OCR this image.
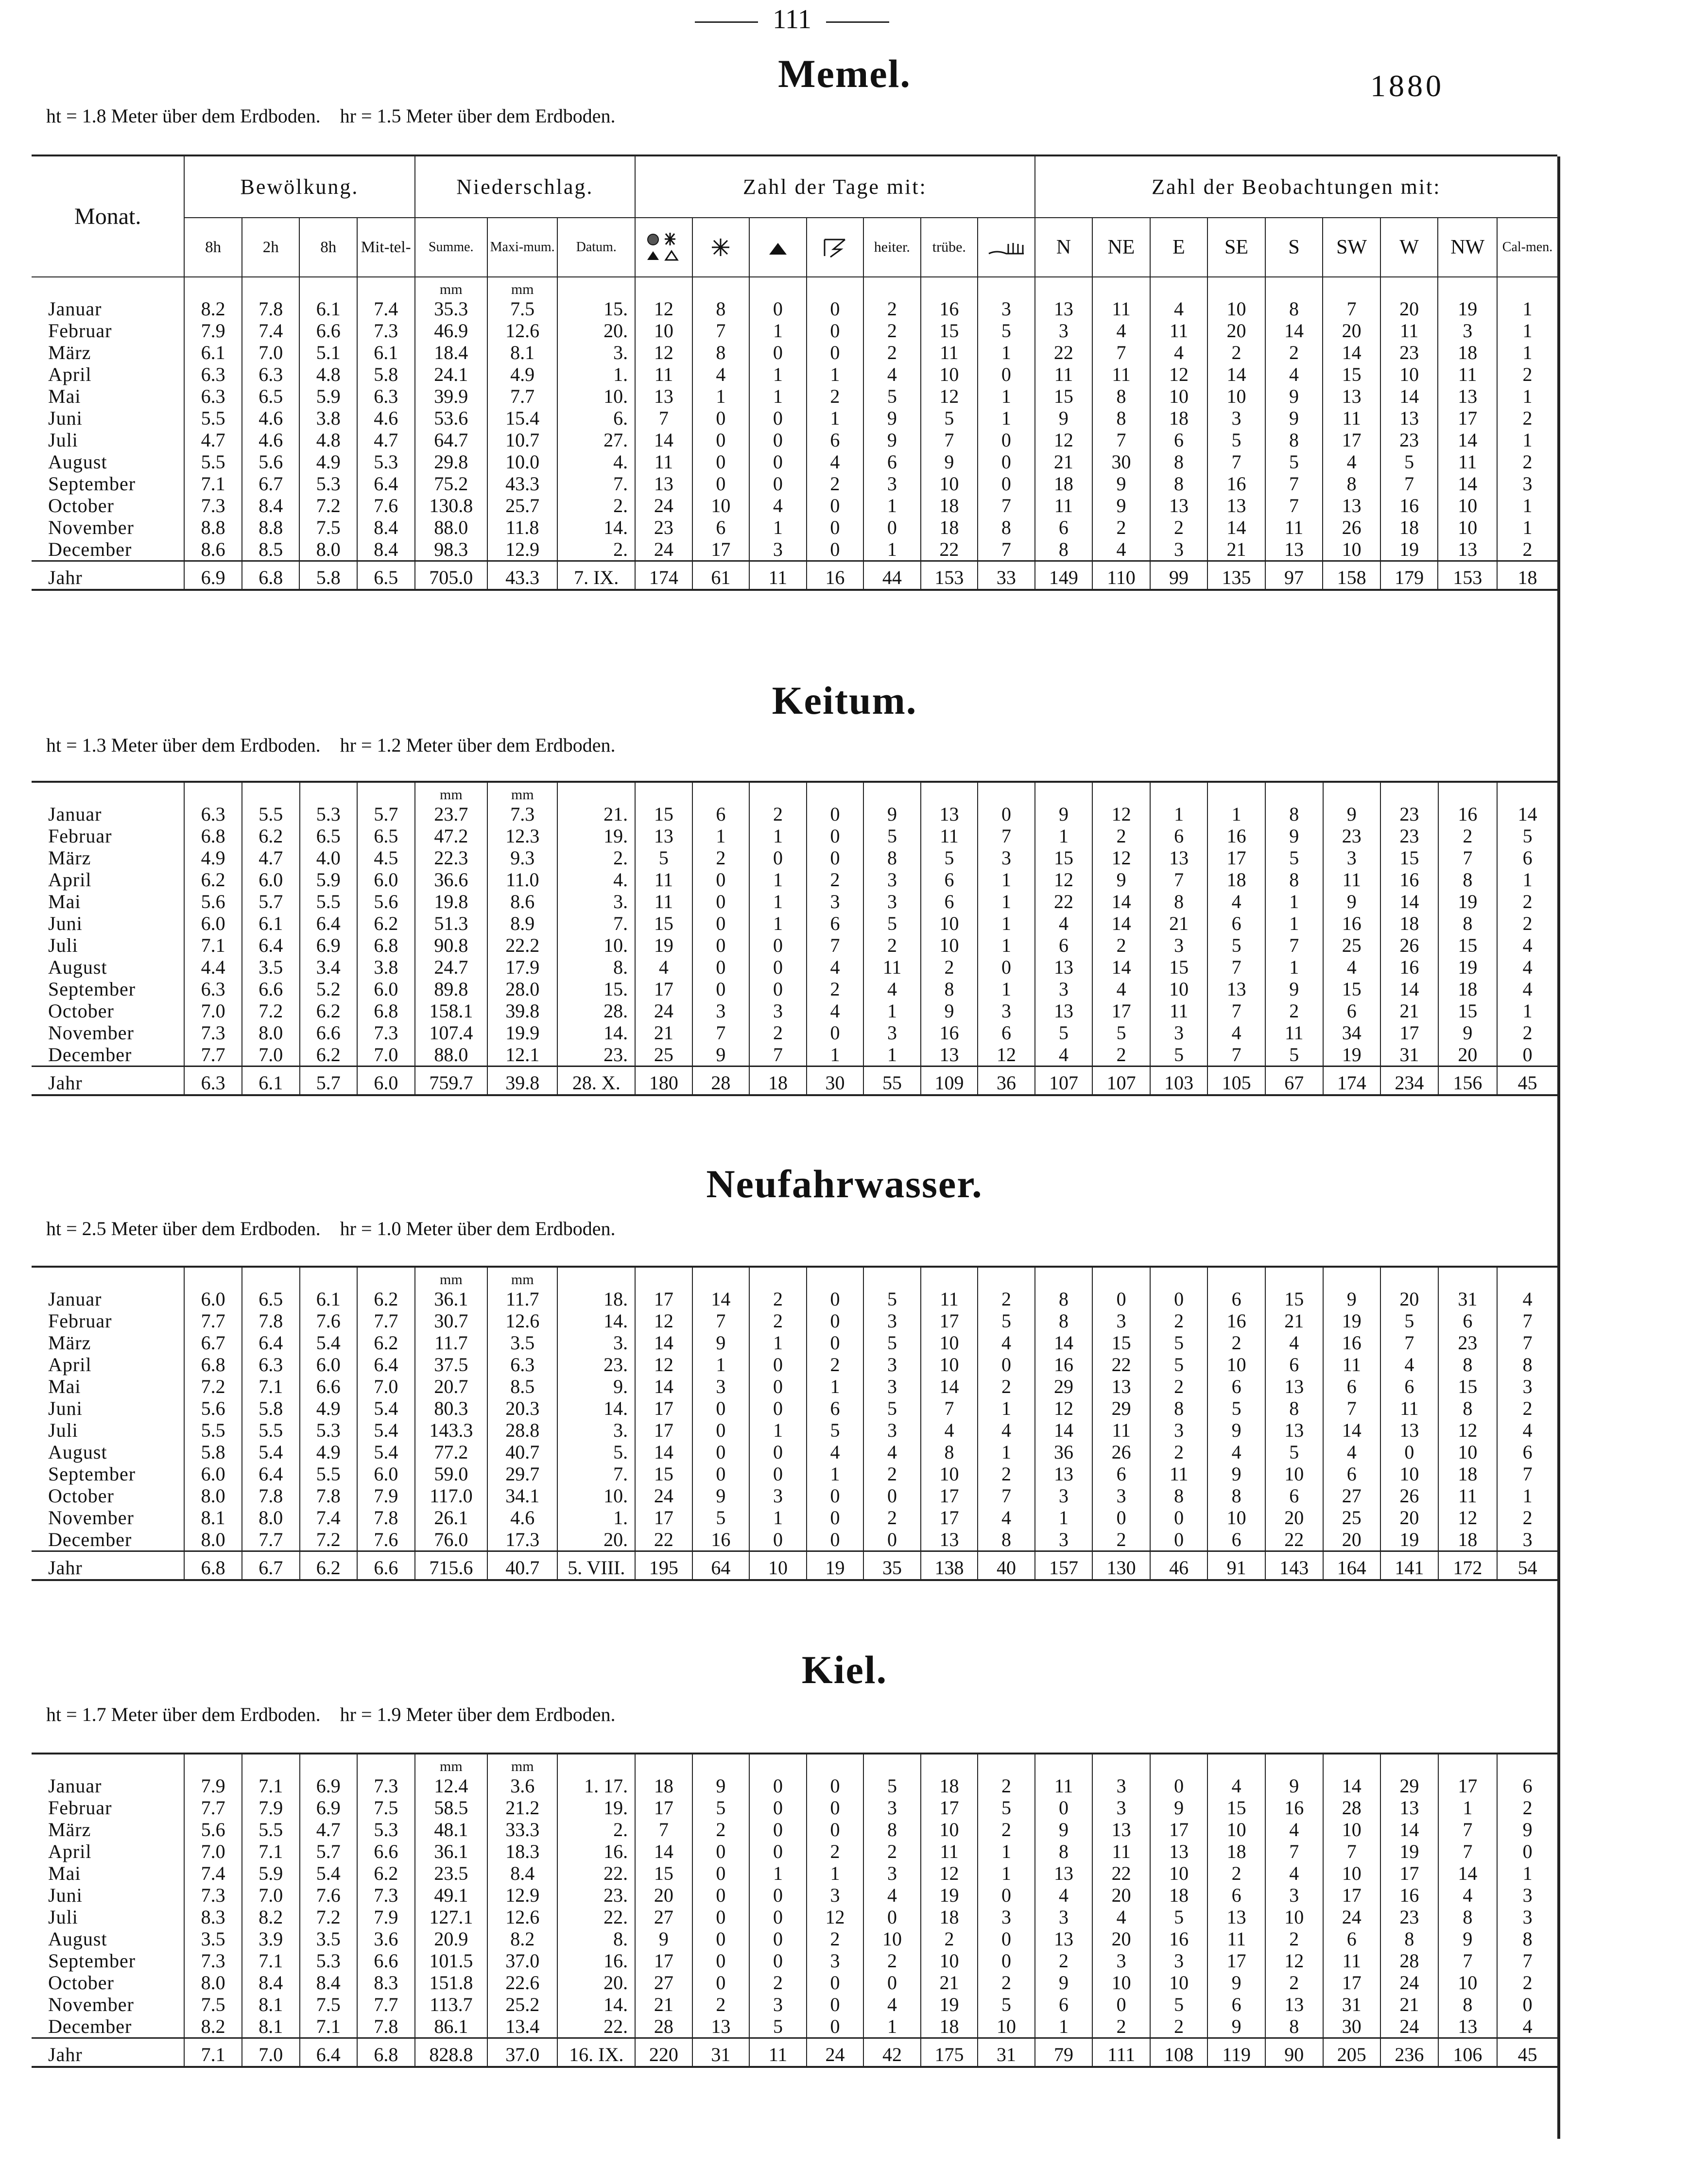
111
1880
Memel.
ht = 1.8 Meter über dem Erdboden. hr = 1.5 Meter über dem Erdboden.
Monat.	Bewölkung.				Niederschlag.			Zahl der Tage mit:							Zahl der Beobachtungen mit:								
	8h	2h	8h	Mit-tel-	Summe.	Maxi-mum.	Datum.					heiter.	trübe.		N	NE	E	SE	S	SW	W	NW	Cal-men.
					mm	mm																	
Januar	8.2	7.8	6.1	7.4	35.3	7.5	15.	12	8	0	0	2	16	3	13	11	4	10	8	7	20	19	1
Februar	7.9	7.4	6.6	7.3	46.9	12.6	20.	10	7	1	0	2	15	5	3	4	11	20	14	20	11	3	1
März	6.1	7.0	5.1	6.1	18.4	8.1	3.	12	8	0	0	2	11	1	22	7	4	2	2	14	23	18	1
April	6.3	6.3	4.8	5.8	24.1	4.9	1.	11	4	1	1	4	10	0	11	11	12	14	4	15	10	11	2
Mai	6.3	6.5	5.9	6.3	39.9	7.7	10.	13	1	1	2	5	12	1	15	8	10	10	9	13	14	13	1
Juni	5.5	4.6	3.8	4.6	53.6	15.4	6.	7	0	0	1	9	5	1	9	8	18	3	9	11	13	17	2
Juli	4.7	4.6	4.8	4.7	64.7	10.7	27.	14	0	0	6	9	7	0	12	7	6	5	8	17	23	14	1
August	5.5	5.6	4.9	5.3	29.8	10.0	4.	11	0	0	4	6	9	0	21	30	8	7	5	4	5	11	2
September	7.1	6.7	5.3	6.4	75.2	43.3	7.	13	0	0	2	3	10	0	18	9	8	16	7	8	7	14	3
October	7.3	8.4	7.2	7.6	130.8	25.7	2.	24	10	4	0	1	18	7	11	9	13	13	7	13	16	10	1
November	8.8	8.8	7.5	8.4	88.0	11.8	14.	23	6	1	0	0	18	8	6	2	2	14	11	26	18	10	1
December	8.6	8.5	8.0	8.4	98.3	12.9	2.	24	17	3	0	1	22	7	8	4	3	21	13	10	19	13	2
Jahr	6.9	6.8	5.8	6.5	705.0	43.3	7. IX.	174	61	11	16	44	153	33	149	110	99	135	97	158	179	153	18
Keitum.
ht = 1.3 Meter über dem Erdboden. hr = 1.2 Meter über dem Erdboden.
					mm	mm																	
Januar	6.3	5.5	5.3	5.7	23.7	7.3	21.	15	6	2	0	9	13	0	9	12	1	1	8	9	23	16	14
Februar	6.8	6.2	6.5	6.5	47.2	12.3	19.	13	1	1	0	5	11	7	1	2	6	16	9	23	23	2	5
März	4.9	4.7	4.0	4.5	22.3	9.3	2.	5	2	0	0	8	5	3	15	12	13	17	5	3	15	7	6
April	6.2	6.0	5.9	6.0	36.6	11.0	4.	11	0	1	2	3	6	1	12	9	7	18	8	11	16	8	1
Mai	5.6	5.7	5.5	5.6	19.8	8.6	3.	11	0	1	3	3	6	1	22	14	8	4	1	9	14	19	2
Juni	6.0	6.1	6.4	6.2	51.3	8.9	7.	15	0	1	6	5	10	1	4	14	21	6	1	16	18	8	2
Juli	7.1	6.4	6.9	6.8	90.8	22.2	10.	19	0	0	7	2	10	1	6	2	3	5	7	25	26	15	4
August	4.4	3.5	3.4	3.8	24.7	17.9	8.	4	0	0	4	11	2	0	13	14	15	7	1	4	16	19	4
September	6.3	6.6	5.2	6.0	89.8	28.0	15.	17	0	0	2	4	8	1	3	4	10	13	9	15	14	18	4
October	7.0	7.2	6.2	6.8	158.1	39.8	28.	24	3	3	4	1	9	3	13	17	11	7	2	6	21	15	1
November	7.3	8.0	6.6	7.3	107.4	19.9	14.	21	7	2	0	3	16	6	5	5	3	4	11	34	17	9	2
December	7.7	7.0	6.2	7.0	88.0	12.1	23.	25	9	7	1	1	13	12	4	2	5	7	5	19	31	20	0
Jahr	6.3	6.1	5.7	6.0	759.7	39.8	28. X.	180	28	18	30	55	109	36	107	107	103	105	67	174	234	156	45
Neufahrwasser.
ht = 2.5 Meter über dem Erdboden. hr = 1.0 Meter über dem Erdboden.
					mm	mm																	
Januar	6.0	6.5	6.1	6.2	36.1	11.7	18.	17	14	2	0	5	11	2	8	0	0	6	15	9	20	31	4
Februar	7.7	7.8	7.6	7.7	30.7	12.6	14.	12	7	2	0	3	17	5	8	3	2	16	21	19	5	6	7
März	6.7	6.4	5.4	6.2	11.7	3.5	3.	14	9	1	0	5	10	4	14	15	5	2	4	16	7	23	7
April	6.8	6.3	6.0	6.4	37.5	6.3	23.	12	1	0	2	3	10	0	16	22	5	10	6	11	4	8	8
Mai	7.2	7.1	6.6	7.0	20.7	8.5	9.	14	3	0	1	3	14	2	29	13	2	6	13	6	6	15	3
Juni	5.6	5.8	4.9	5.4	80.3	20.3	14.	17	0	0	6	5	7	1	12	29	8	5	8	7	11	8	2
Juli	5.5	5.5	5.3	5.4	143.3	28.8	3.	17	0	1	5	3	4	4	14	11	3	9	13	14	13	12	4
August	5.8	5.4	4.9	5.4	77.2	40.7	5.	14	0	0	4	4	8	1	36	26	2	4	5	4	0	10	6
September	6.0	6.4	5.5	6.0	59.0	29.7	7.	15	0	0	1	2	10	2	13	6	11	9	10	6	10	18	7
October	8.0	7.8	7.8	7.9	117.0	34.1	10.	24	9	3	0	0	17	7	3	3	8	8	6	27	26	11	1
November	8.1	8.0	7.4	7.8	26.1	4.6	1.	17	5	1	0	2	17	4	1	0	0	10	20	25	20	12	2
December	8.0	7.7	7.2	7.6	76.0	17.3	20.	22	16	0	0	0	13	8	3	2	0	6	22	20	19	18	3
Jahr	6.8	6.7	6.2	6.6	715.6	40.7	5. VIII.	195	64	10	19	35	138	40	157	130	46	91	143	164	141	172	54
Kiel.
ht = 1.7 Meter über dem Erdboden. hr = 1.9 Meter über dem Erdboden.
					mm	mm																	
Januar	7.9	7.1	6.9	7.3	12.4	3.6	1. 17.	18	9	0	0	5	18	2	11	3	0	4	9	14	29	17	6
Februar	7.7	7.9	6.9	7.5	58.5	21.2	19.	17	5	0	0	3	17	5	0	3	9	15	16	28	13	1	2
März	5.6	5.5	4.7	5.3	48.1	33.3	2.	7	2	0	0	8	10	2	9	13	17	10	4	10	14	7	9
April	7.0	7.1	5.7	6.6	36.1	18.3	16.	14	0	0	2	2	11	1	8	11	13	18	7	7	19	7	0
Mai	7.4	5.9	5.4	6.2	23.5	8.4	22.	15	0	1	1	3	12	1	13	22	10	2	4	10	17	14	1
Juni	7.3	7.0	7.6	7.3	49.1	12.9	23.	20	0	0	3	4	19	0	4	20	18	6	3	17	16	4	3
Juli	8.3	8.2	7.2	7.9	127.1	12.6	22.	27	0	0	12	0	18	3	3	4	5	13	10	24	23	8	3
August	3.5	3.9	3.5	3.6	20.9	8.2	8.	9	0	0	2	10	2	0	13	20	16	11	2	6	8	9	8
September	7.3	7.1	5.3	6.6	101.5	37.0	16.	17	0	0	3	2	10	0	2	3	3	17	12	11	28	7	7
October	8.0	8.4	8.4	8.3	151.8	22.6	20.	27	0	2	0	0	21	2	9	10	10	9	2	17	24	10	2
November	7.5	8.1	7.5	7.7	113.7	25.2	14.	21	2	3	0	4	19	5	6	0	5	6	13	31	21	8	0
December	8.2	8.1	7.1	7.8	86.1	13.4	22.	28	13	5	0	1	18	10	1	2	2	9	8	30	24	13	4
Jahr	7.1	7.0	6.4	6.8	828.8	37.0	16. IX.	220	31	11	24	42	175	31	79	111	108	119	90	205	236	106	45
